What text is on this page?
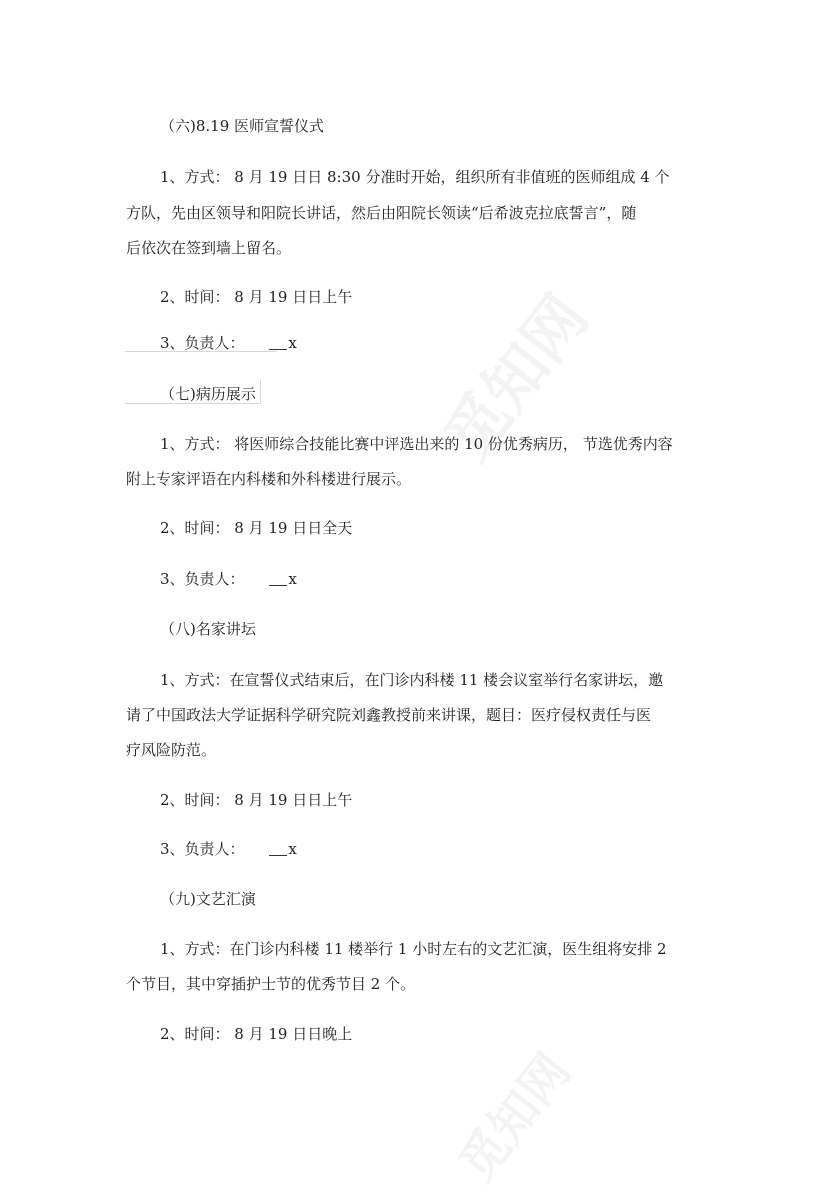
（六)8.19 医师宣誓仪式
1、方式： 8 月 19 日日 8:30 分准时开始，组织所有非值班的医师组成 4 个
方队，先由区领导和阳院长讲话，然后由阳院长领读“后希波克拉底誓言”，随
后依次在签到墙上留名。
2、时间： 8 月 19 日日上午
3、负责人：	x
（七)病历展示
1、方式： 将医师综合技能比赛中评选出来的 10 份优秀病历， 节选优秀内容
附上专家评语在内科楼和外科楼进行展示。
2、时间： 8 月 19 日日全天
3、负责人：	x
（八)名家讲坛
1、方式：在宣誓仪式结束后，在门诊内科楼 11 楼会议室举行名家讲坛，邀
请了中国政法大学证据科学研究院刘鑫教授前来讲课，题目：医疗侵权责任与医
疗风险防范。
2、时间： 8 月 19 日日上午
3、负责人：	x
（九)文艺汇演
1、方式：在门诊内科楼 11 楼举行 1 小时左右的文艺汇演，医生组将安排 2
个节目，其中穿插护士节的优秀节目 2 个。
2、时间： 8 月 19 日日晚上
